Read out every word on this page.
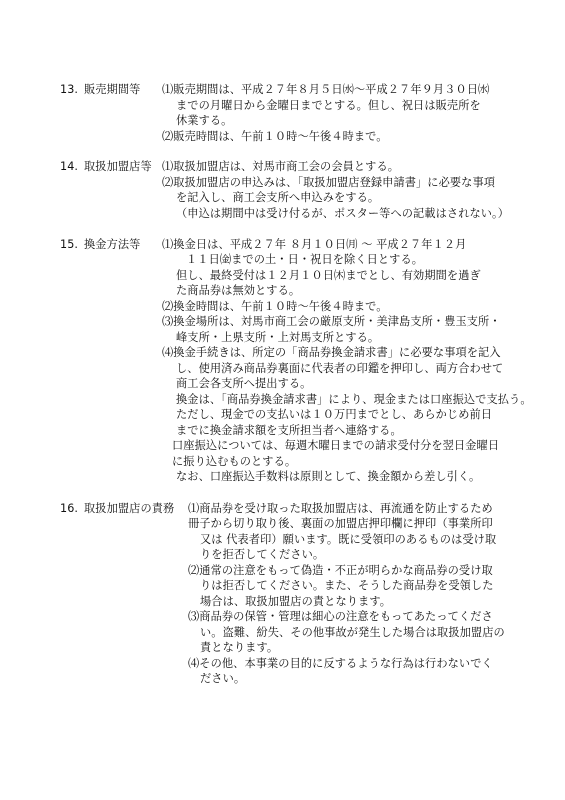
13. 販売期間等 ⑴販売期間は、平成２７年８月５日㈬～平成２７年９月３０日㈬
までの月曜日から金曜日までとする。但し、祝日は販売所を
休業する。
⑵販売時間は、午前１０時～午後４時まで。
14. 取扱加盟店等 ⑴取扱加盟店は、対馬市商工会の会員とする。
⑵取扱加盟店の申込みは、「取扱加盟店登録申請書」に必要な事項
を記入し、商工会支所へ申込みをする。
（申込は期間中は受け付るが、ポスター等への記載はされない。）
15. 換金方法等 ⑴換金日は、平成２７年 ８月１０日㈪ ～ 平成２７年１２月
１１日㈮までの土・日・祝日を除く日とする。
但し、最終受付は１２月１０日㈭までとし、有効期間を過ぎ
た商品券は無効とする。
⑵換金時間は、午前１０時～午後４時まで。
⑶換金場所は、対馬市商工会の厳原支所・美津島支所・豊玉支所・
峰支所・上県支所・上対馬支所とする。
⑷換金手続きは、所定の「商品券換金請求書」に必要な事項を記入
し、使用済み商品券裏面に代表者の印鑑を押印し、両方合わせて
商工会各支所へ提出する。
換金は、「商品券換金請求書」により、現金または口座振込で支払う。
ただし、現金での支払いは１０万円までとし、あらかじめ前日
までに換金請求額を支所担当者へ連絡する。
口座振込については、毎週木曜日までの請求受付分を翌日金曜日
に振り込むものとする。
なお、口座振込手数料は原則として、換金額から差し引く。
16. 取扱加盟店の責務 ⑴商品券を受け取った取扱加盟店は、再流通を防止するため
冊子から切り取り後、裏面の加盟店押印欄に押印（事業所印
又は 代表者印）願います。既に受領印のあるものは受け取
りを拒否してください。
⑵通常の注意をもって偽造・不正が明らかな商品券の受け取
りは拒否してください。また、そうした商品券を受領した
場合は、取扱加盟店の責となります。
⑶商品券の保管・管理は細心の注意をもってあたってくださ
い。盗難、紛失、その他事故が発生した場合は取扱加盟店の
責となります。
⑷その他、本事業の目的に反するような行為は行わないでく
ださい。
